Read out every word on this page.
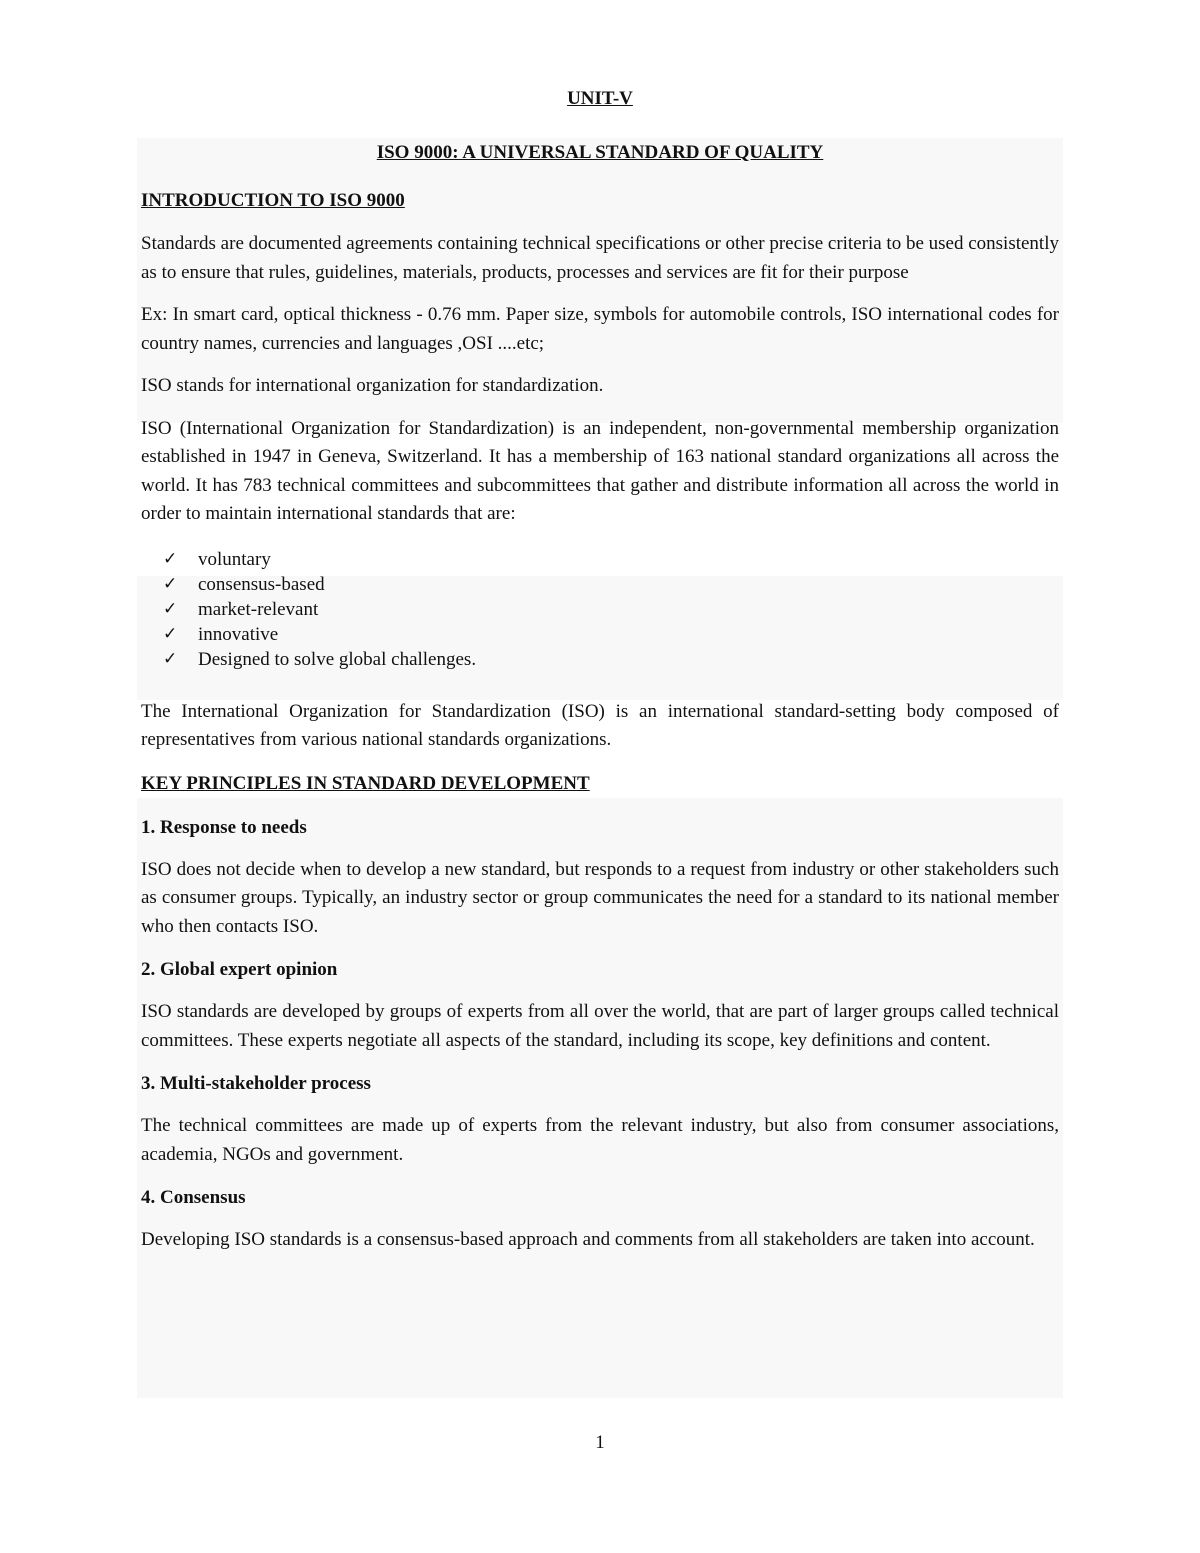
UNIT-V
ISO 9000: A UNIVERSAL STANDARD OF QUALITY
INTRODUCTION TO ISO 9000

Standards are documented agreements containing technical specifications or other precise criteria to be used consistently as to ensure that rules, guidelines, materials, products, processes and services are fit for their purpose

Ex: In smart card, optical thickness - 0.76 mm. Paper size, symbols for automobile controls, ISO international codes for country names, currencies and languages ,OSI ....etc;

ISO stands for international organization for standardization.

ISO (International Organization for Standardization) is an independent, non-governmental membership organization established in 1947 in Geneva, Switzerland. It has a membership of 163 national standard organizations all across the world. It has 783 technical committees and subcommittees that gather and distribute information all across the world in order to maintain international standards that are:

✓	voluntary
✓	consensus-based
✓	market-relevant
✓	innovative
✓	Designed to solve global challenges.

The International Organization for Standardization (ISO) is an international standard-setting body composed of representatives from various national standards organizations.

KEY PRINCIPLES IN STANDARD DEVELOPMENT
1. Response to needs

ISO does not decide when to develop a new standard, but responds to a request from industry or other stakeholders such as consumer groups. Typically, an industry sector or group communicates the need for a standard to its national member who then contacts ISO.

2. Global expert opinion

ISO standards are developed by groups of experts from all over the world, that are part of larger groups called technical committees. These experts negotiate all aspects of the standard, including its scope, key definitions and content.

3. Multi-stakeholder process

The technical committees are made up of experts from the relevant industry, but also from consumer associations, academia, NGOs and government.

4. Consensus

Developing ISO standards is a consensus-based approach and comments from all stakeholders are taken into account.

1
